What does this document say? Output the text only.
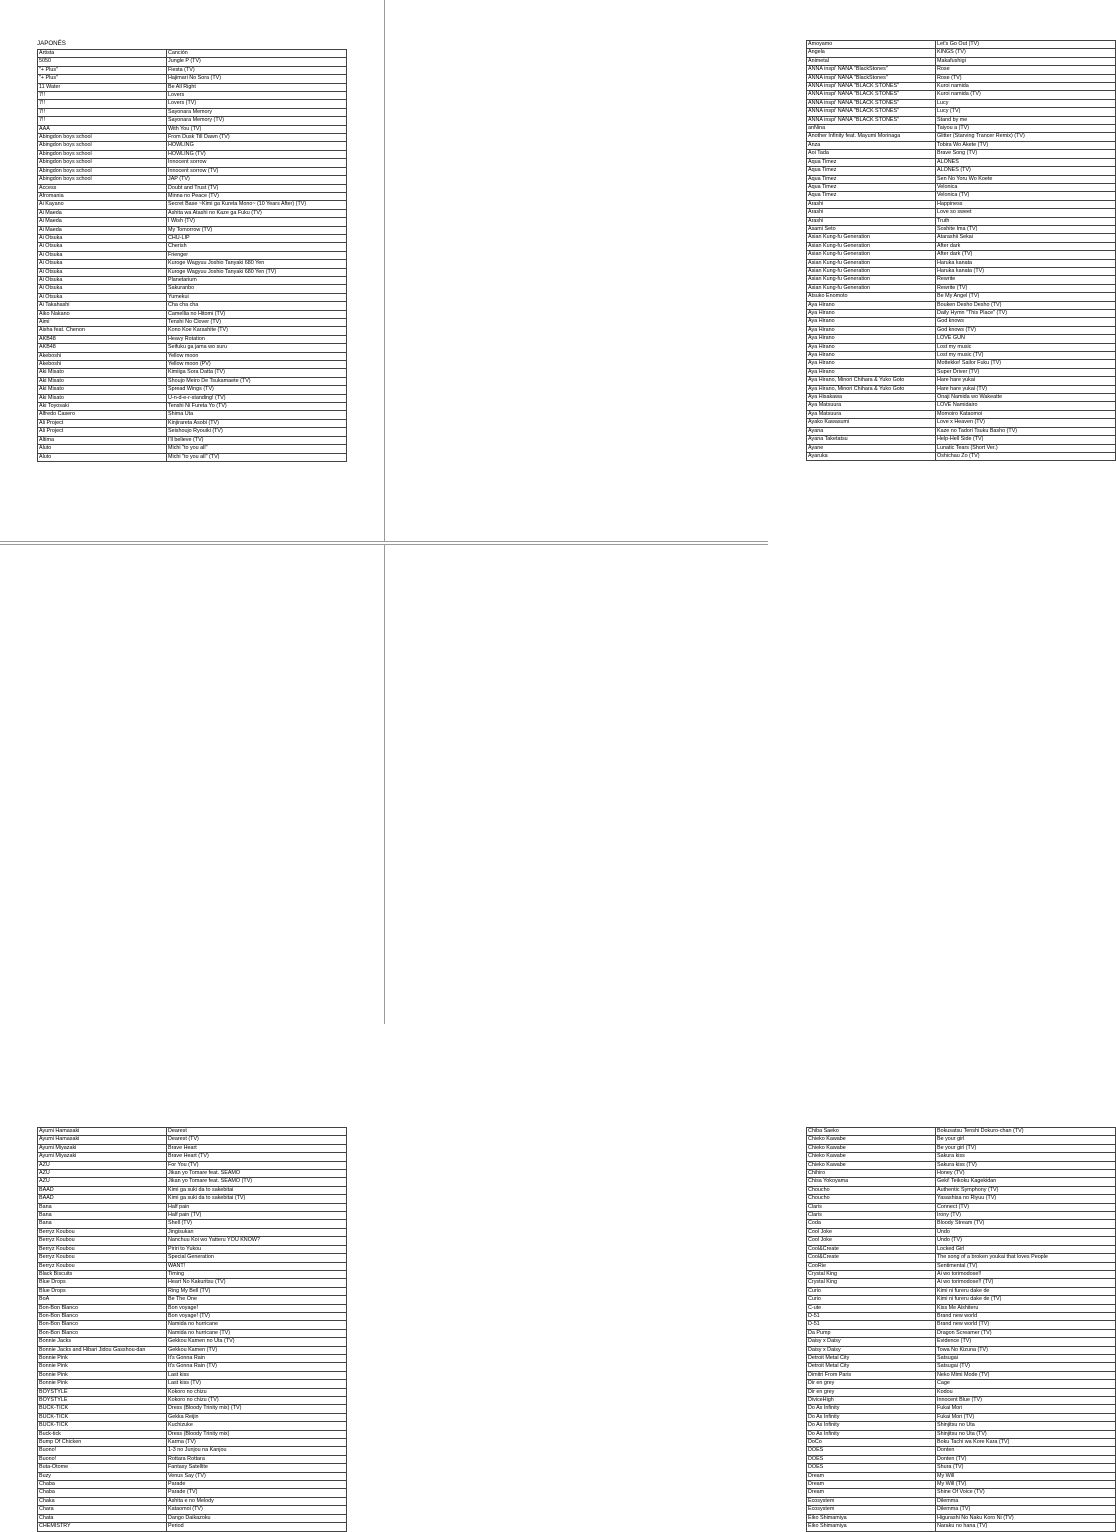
JAPONÉS
Artista	Canción
5050	Jungle P (TV)
"+ Plus"	Fiesta (TV)
"+ Plus"	Hajimari No Sora (TV)
11 Water	Be All Right
7!!	Lovers
7!!	Lovers (TV)
7!!	Sayonara Memory
7!!	Sayonara Memory (TV)
AAA	With You (TV)
Abingdon boys school	From Dusk Till Dawn (TV)
Abingdon boys school	HOWLING
Abingdon boys school	HOWLING (TV)
Abingdon boys school	Innocent sorrow
Abingdon boys school	Innocent sorrow (TV)
Abingdon boys school	JAP (TV)
Access	Doubt and Trust (TV)
Afromania	Minna no Peace (TV)
Ai Kayano	Secret Base ~Kimi ga Kureta Mono~ (10 Years After) (TV)
Ai Maeda	Ashita wa Atashi no Kaze ga Fuku (TV)
Ai Maeda	I Wish (TV)
Ai Maeda	My Tomorrow (TV)
Ai Otsuka	CHU-LIP
Ai Otsuka	Cherish
Ai Otsuka	Frienger
Ai Otsuka	Kuroge Wagyuu Joshio Tanyaki 680 Yen
Ai Otsuka	Kuroge Wagyuu Joshio Tanyaki 680 Yen (TV)
Ai Otsuka	Planetarium
Ai Otsuka	Sakuranbo
Ai Otsuka	Yumekui
Ai Takahashi	Cha cha cha
Aiko Nakano	Camellia no Hitomi (TV)
Aimi	Tenshi No Clover (TV)
Aisha feat. Chenon	Kono Koe Karashite (TV)
AKB48	Heavy Rotation
AKB48	Seifuku ga jama wo suru
Akeboshi	Yellow moon
Akeboshi	Yellow moon (PV)
Aki Misato	Kimiiga Sora Datta (TV)
Aki Misato	Shoujo Meiro De Tsukamaete (TV)
Aki Misato	Spread Wings (TV)
Aki Misato	U-n-d-e-r-standing! (TV)
Aki Toyosaki	Tenshi Ni Fureta Yo (TV)
Alfredo Casero	Shima Uta
Ali Project	Kinjirareta Asobi (TV)
Ali Project	Seishoujo Ryouiki (TV)
Altima	I'll believe (TV)
Aluto	Michi "to you all"
Aluto	Michi "to you all" (TV)
Amoyamo	Let's Go Out (TV)
Angela	KINGS (TV)
Animetal	Makafushigi
ANNA inspi' NANA "BlackStones"	Rose
ANNA inspi' NANA "BlackStones"	Rose (TV)
ANNA inspi' NANA "BLACK STONES"	Kuroi namida
ANNA inspi' NANA "BLACK STONES"	Kuroi namida (TV)
ANNA inspi' NANA "BLACK STONES"	Lucy
ANNA inspi' NANA "BLACK STONES"	Lucy (TV)
ANNA inspi' NANA "BLACK STONES"	Stand by me
anNina	Taiyou a (TV)
Another Infinity feat. Mayumi Morinaga	Glitter (Starving Trancer Remix) (TV)
Anza	Tobira Wo Akete (TV)
Aoi Tada	Brave Song (TV)
Aqua Timez	ALONES
Aqua Timez	ALONES (TV)
Aqua Timez	Sen No Yoru Wo Koete
Aqua Timez	Velonica
Aqua Timez	Velonica (TV)
Arashi	Happiness
Arashi	Love so sweet
Arashi	Truth
Asami Seto	Soshite Ima (TV)
Asian Kung-fu Generation	Atarashii Sekai
Asian Kung-fu Generation	After dark
Asian Kung-fu Generation	After dark (TV)
Asian Kung-fu Generation	Haruka kanata
Asian Kung-fu Generation	Haruka kanata (TV)
Asian Kung-fu Generation	Rewrite
Asian Kung-fu Generation	Rewrite (TV)
Atsuko Enomoto	Be My Angel (TV)
Aya Hirano	Bouken Desho Desho (TV)
Aya Hirano	Daily Hymn "This Place" (TV)
Aya Hirano	God knows
Aya Hirano	God knows (TV)
Aya Hirano	LOVE GUN
Aya Hirano	Lost my music
Aya Hirano	Lost my music (TV)
Aya Hirano	Mottekke! Sailor Fuku (TV)
Aya Hirano	Super Driver (TV)
Aya Hirano, Minori Chihara & Yuko Goto	Hare hare yukai
Aya Hirano, Minori Chihara & Yuko Goto	Hare hare yukai (TV)
Aya Hisakawa	Onaji Namida wo Wakeatte
Aya Matsuura	LOVE Namidairo
Aya Matsuura	Momoiro Kataomoi
Ayako Kawasumi	Love x Heaven (TV)
Ayana	Kaze no Tadori Tsuku Basho (TV)
Ayana Taketatsu	Help-Hell Side (TV)
Ayane	Lunatic Tears (Short Ver.)
Ayaruka	Oshichau Zo (TV)
Ayumi Hamasaki	Dearest
Ayumi Hamasaki	Dearest (TV)
Ayumi Miyazaki	Brave Heart
Ayumi Miyazaki	Brave Heart (TV)
AZU	For You (TV)
AZU	Jikan yo Tomare feat. SEAMO
AZU	Jikan yo Tomare feat. SEAMO (TV)
BAAD	Kimi ga suki da to sakebitai
BAAD	Kimi ga suki da to sakebitai (TV)
Bana	Half pain
Bana	Half pain (TV)
Bana	Shell (TV)
Berryz Koubou	Jingisukan
Berryz Koubou	Nanchuu Koi wo Yatteru YOU KNOW?
Berryz Koubou	Piriri to Yukou
Berryz Koubou	Special Generation
Berryz Koubou	WANT!
Black Biscuits	Timing
Blue Drops	Heart No Kakuritsu (TV)
Blue Drops	Ring My Bell (TV)
BoA	Be The One
Bon-Bon Blanco	Bon voyage!
Bon-Bon Blanco	Bon voyage! (TV)
Bon-Bon Blanco	Namida no hurricane
Bon-Bon Blanco	Namida no hurricane (TV)
Bonnie Jacks	Gekkou Kamen no Uta (TV)
Bonnie Jacks and Hibari Jidou Gasshou-dan	Gekkou Kamen (TV)
Bonnie Pink	It's Gonna Rain
Bonnie Pink	It's Gonna Rain (TV)
Bonnie Pink	Last kiss
Bonnie Pink	Last kiss (TV)
BOYSTYLE	Kokoro no chizu
BOYSTYLE	Kokoro no chizu (TV)
BUCK-TICK	Dress (Bloody Trinity mix) (TV)
BUCK-TICK	Gekka Reijin
BUCK-TICK	Kuchizuke
Buck-tick	Dress (Bloody Trinity mix)
Bump Of Chicken	Karma (TV)
Buono!	1-3 no Junjou na Kanjou
Buono!	Rottara Rottara
Buta-Otome	Fantasy Satellite
Buzy	Venus Say (TV)
Chaba	Parade
Chaba	Parade (TV)
Chaka	Ashita e no Melody
Chara	Kataomoi (TV)
Chata	Dango Daikazoku
CHEMISTRY	Period
Chiba Saeko	Bokusatsu Tenshi Dokuro-chan (TV)
Chieko Kawabe	Be your girl
Chieko Kawabe	Be your girl (TV)
Chieko Kawabe	Sakura kiss
Chieko Kawabe	Sakura kiss (TV)
Chihiro	Honey (TV)
Chisa Yokoyama	Geki! Teikoku Kagekidan
Choucho	Authentic Symphony (TV)
Choucho	Yasashisa no Riyuu (TV)
Claris	Connect (TV)
Claris	Irony (TV)
Coda	Bloody Stream (TV)
Cool Joke	Undo
Cool Joke	Undo (TV)
Cool&Create	Locked Girl
Cool&Create	The song of a broken youkai that loves People
CooRie	Sentimental (TV)
Crystal King	Ai wo torimodose!!
Crystal King	Ai wo torimodose!! (TV)
Curio	Kimi ni fureru dake de
Curio	Kimi ni fureru dake de (TV)
C-ute	Kiss Me Aishiteru
D-51	Brand new world
D-51	Brand new world (TV)
Da Pump	Dragon Screamer (TV)
Daisy x Daisy	Evidence (TV)
Daisy x Daisy	Towa No Kizuna (TV)
Detroit Metal City	Satsugai
Detroit Metal City	Satsugai (TV)
Dimitri From Paris	Neko Mimi Mode (TV)
Dir en grey	Cage
Dir en grey	Kodou
DiviceHigh	Innocent Blue (TV)
Do As Infinity	Fukai Mori
Do As Infinity	Fukai Mori (TV)
Do As Infinity	Shinjitsu no Uta
Do As Infinity	Shinjitsu no Uta (TV)
DoCo	Boku Tachi wa Kore Kara (TV)
DOES	Donten
DOES	Donten (TV)
DOES	Shura (TV)
Dream	My Will
Dream	My Will (TV)
Dream	Shine Of Voice (TV)
Ecosystem	Dilemma
Ecosystem	Dilemma (TV)
Eiko Shimamiya	Higurashi No Naku Koro Ni (TV)
Eiko Shimamiya	Naraku no hana (TV)
